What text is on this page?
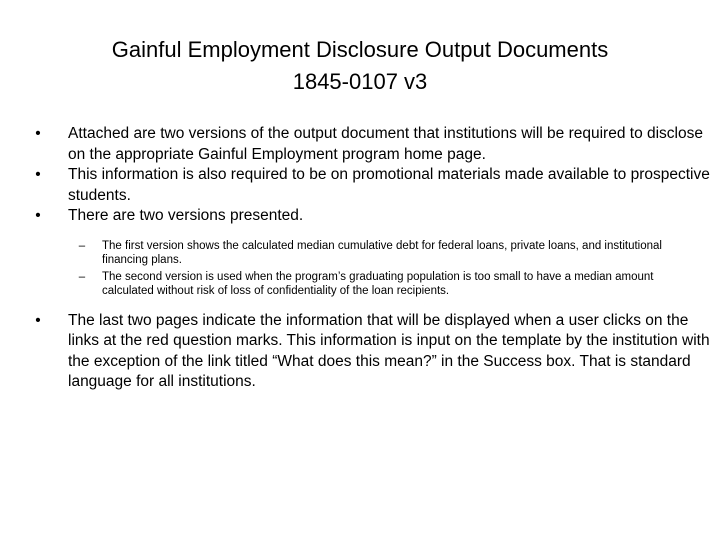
Gainful Employment Disclosure Output Documents
1845-0107 v3
•	Attached are two versions of the output document that institutions will be required to disclose on the appropriate Gainful Employment program home page.
•	This information is also required to be on promotional materials made available to prospective students.
•	There are two versions presented.
–	The first version shows the calculated median cumulative debt for federal loans, private loans, and institutional financing plans.
–	The second version is used when the program’s graduating population is too small to have a median amount calculated without risk of loss of confidentiality of the loan recipients.
•	The last two pages indicate the information that will be displayed when a user clicks on the links at the red question marks. This information is input on the template by the institution with the exception of the link titled “What does this mean?” in the Success box. That is standard language for all institutions.
